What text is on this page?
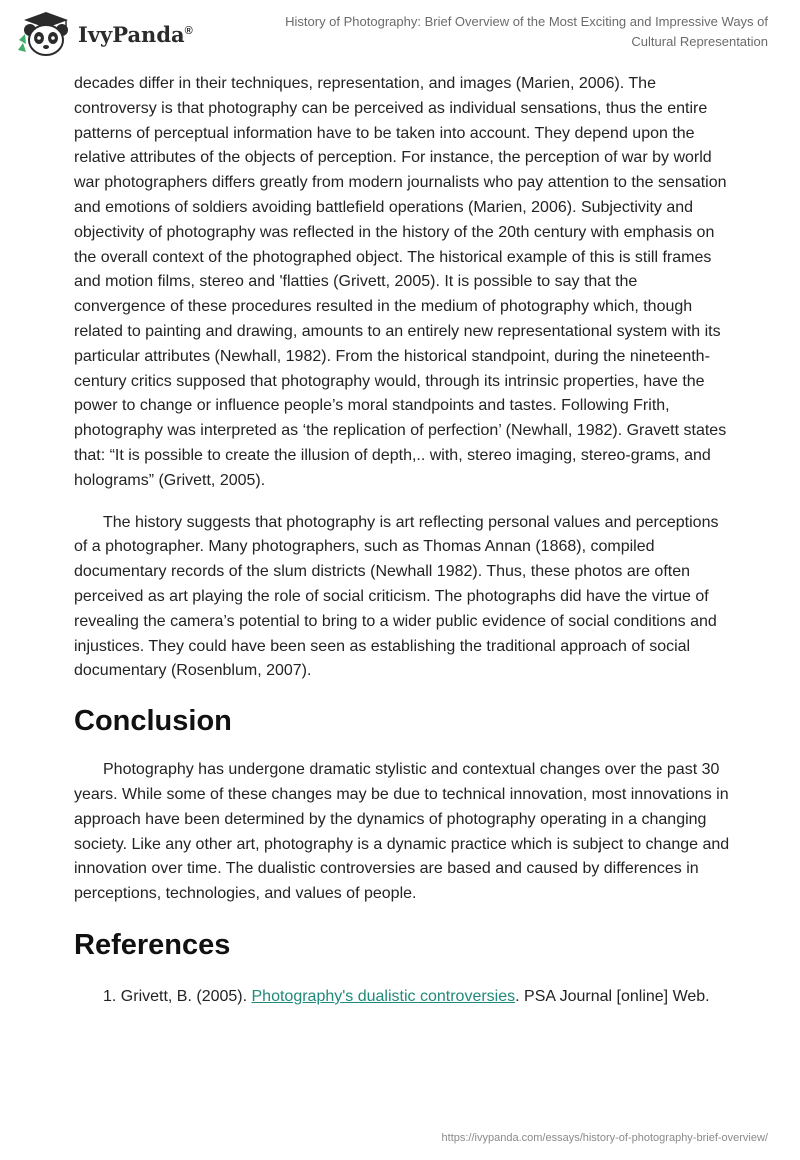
IvyPanda®
History of Photography: Brief Overview of the Most Exciting and Impressive Ways of Cultural Representation

decades differ in their techniques, representation, and images (Marien, 2006). The controversy is that photography can be perceived as individual sensations, thus the entire patterns of perceptual information have to be taken into account. They depend upon the relative attributes of the objects of perception. For instance, the perception of war by world war photographers differs greatly from modern journalists who pay attention to the sensation and emotions of soldiers avoiding battlefield operations (Marien, 2006). Subjectivity and objectivity of photography was reflected in the history of the 20th century with emphasis on the overall context of the photographed object. The historical example of this is still frames and motion films, stereo and 'flatties (Grivett, 2005). It is possible to say that the convergence of these procedures resulted in the medium of photography which, though related to painting and drawing, amounts to an entirely new representational system with its particular attributes (Newhall, 1982). From the historical standpoint, during the nineteenth-century critics supposed that photography would, through its intrinsic properties, have the power to change or influence people’s moral standpoints and tastes. Following Frith, photography was interpreted as ‘the replication of perfection’ (Newhall, 1982). Gravett states that: “It is possible to create the illusion of depth,.. with, stereo imaging, stereo-grams, and holograms” (Grivett, 2005).

The history suggests that photography is art reflecting personal values and perceptions of a photographer. Many photographers, such as Thomas Annan (1868), compiled documentary records of the slum districts (Newhall 1982). Thus, these photos are often perceived as art playing the role of social criticism. The photographs did have the virtue of revealing the camera’s potential to bring to a wider public evidence of social conditions and injustices. They could have been seen as establishing the traditional approach of social documentary (Rosenblum, 2007).

Conclusion

Photography has undergone dramatic stylistic and contextual changes over the past 30 years. While some of these changes may be due to technical innovation, most innovations in approach have been determined by the dynamics of photography operating in a changing society. Like any other art, photography is a dynamic practice which is subject to change and innovation over time. The dualistic controversies are based and caused by differences in perceptions, technologies, and values of people.

References

1. Grivett, B. (2005). Photography's dualistic controversies. PSA Journal [online] Web.

https://ivypanda.com/essays/history-of-photography-brief-overview/
